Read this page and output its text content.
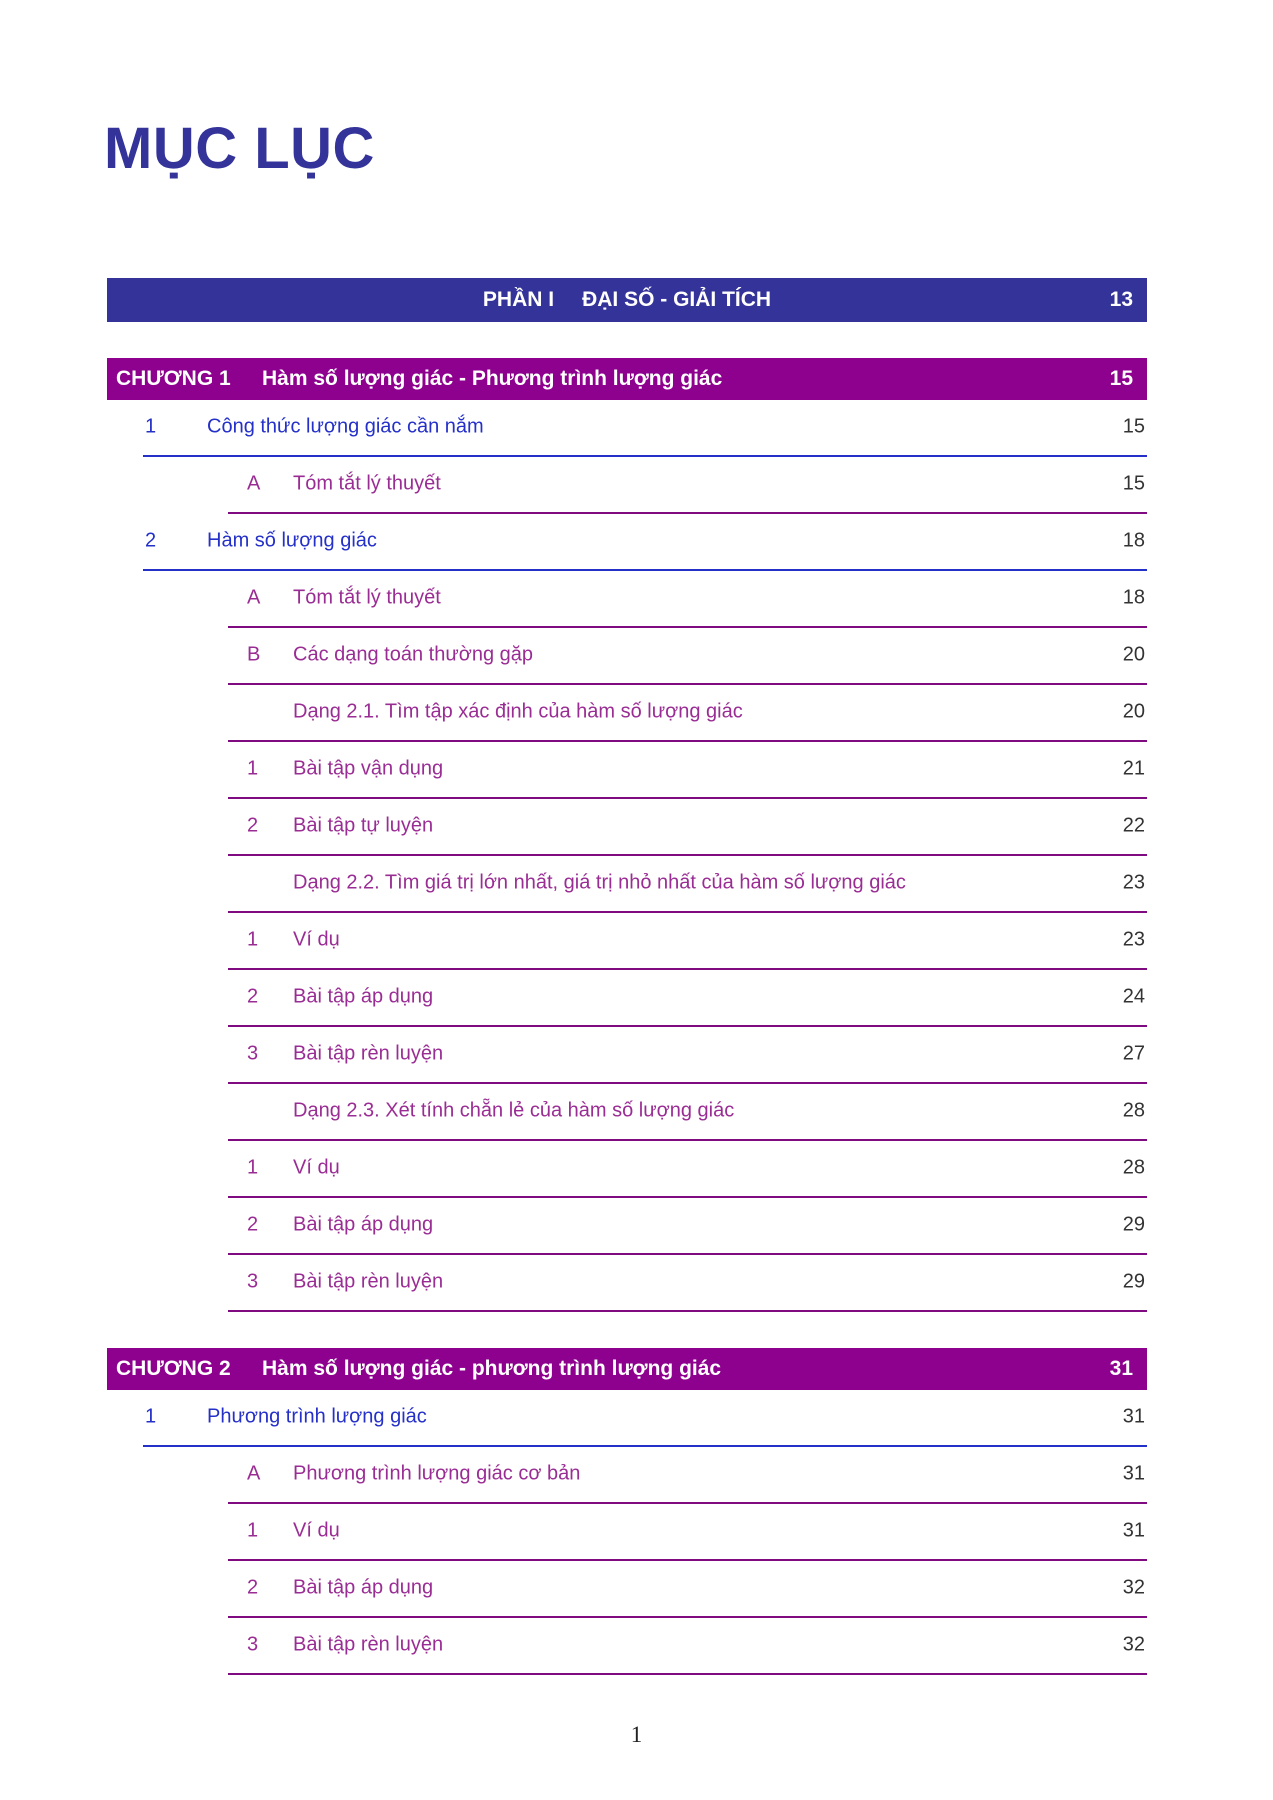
MỤC LỤC
PHẦN I ĐẠI SỐ - GIẢI TÍCH	13
CHƯƠNG 1 Hàm số lượng giác - Phương trình lượng giác	15
1	Công thức lượng giác cần nắm	15
A Tóm tắt lý thuyết	15
2	Hàm số lượng giác	18
A Tóm tắt lý thuyết	18
B Các dạng toán thường gặp	20
Dạng 2.1. Tìm tập xác định của hàm số lượng giác	20
1 Bài tập vận dụng	21
2 Bài tập tự luyện	22
Dạng 2.2. Tìm giá trị lớn nhất, giá trị nhỏ nhất của hàm số lượng giác	23
1 Ví dụ	23
2 Bài tập áp dụng	24
3 Bài tập rèn luyện	27
Dạng 2.3. Xét tính chẵn lẻ của hàm số lượng giác	28
1 Ví dụ	28
2 Bài tập áp dụng	29
3 Bài tập rèn luyện	29
CHƯƠNG 2 Hàm số lượng giác - phương trình lượng giác	31
1	Phương trình lượng giác	31
A Phương trình lượng giác cơ bản	31
1 Ví dụ	31
2 Bài tập áp dụng	32
3 Bài tập rèn luyện	32
1
